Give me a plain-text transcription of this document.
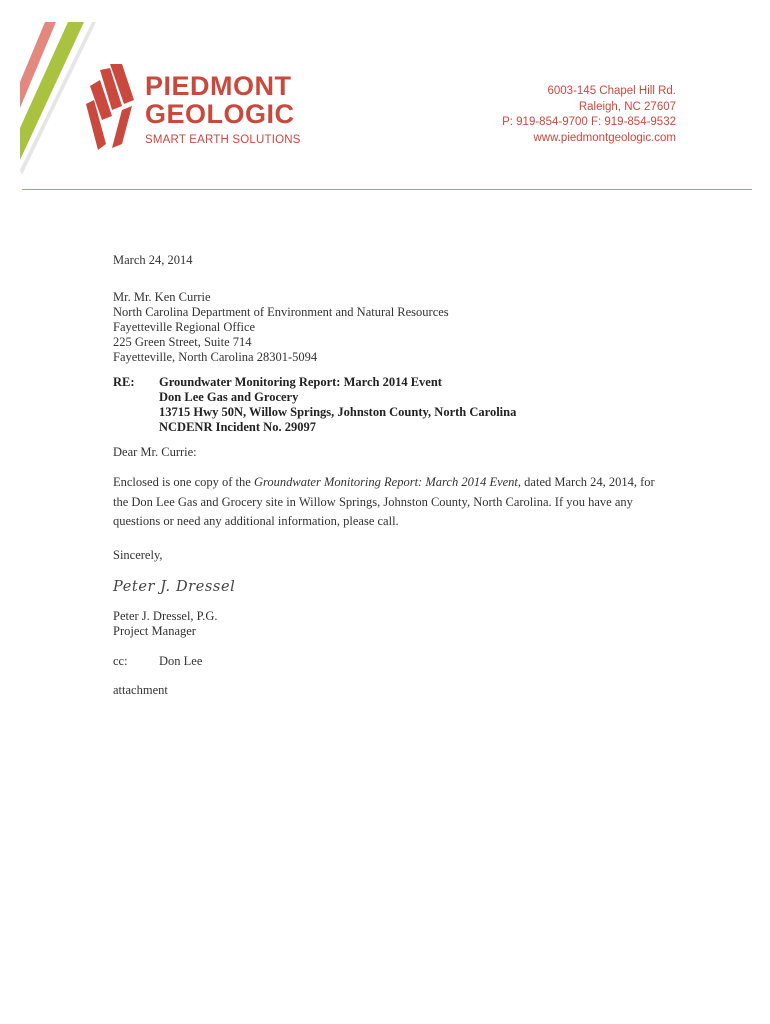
PIEDMONT
GEOLOGIC
SMART EARTH SOLUTIONS
6003-145 Chapel Hill Rd.
Raleigh, NC 27607
P: 919-854-9700 F: 919-854-9532
www.piedmontgeologic.com

March 24, 2014

Mr. Mr. Ken Currie
North Carolina Department of Environment and Natural Resources
Fayetteville Regional Office
225 Green Street, Suite 714
Fayetteville, North Carolina 28301-5094
RE:	Groundwater Monitoring Report: March 2014 Event
Don Lee Gas and Grocery
13715 Hwy 50N, Willow Springs, Johnston County, North Carolina
NCDENR Incident No. 29097
Dear Mr. Currie:
Enclosed is one copy of the Groundwater Monitoring Report: March 2014 Event, dated March 24, 2014, for the Don Lee Gas and Grocery site in Willow Springs, Johnston County, North Carolina. If you have any questions or need any additional information, please call.
Sincerely,
Peter J. Dressel
Peter J. Dressel, P.G.
Project Manager
cc:	Don Lee
attachment
